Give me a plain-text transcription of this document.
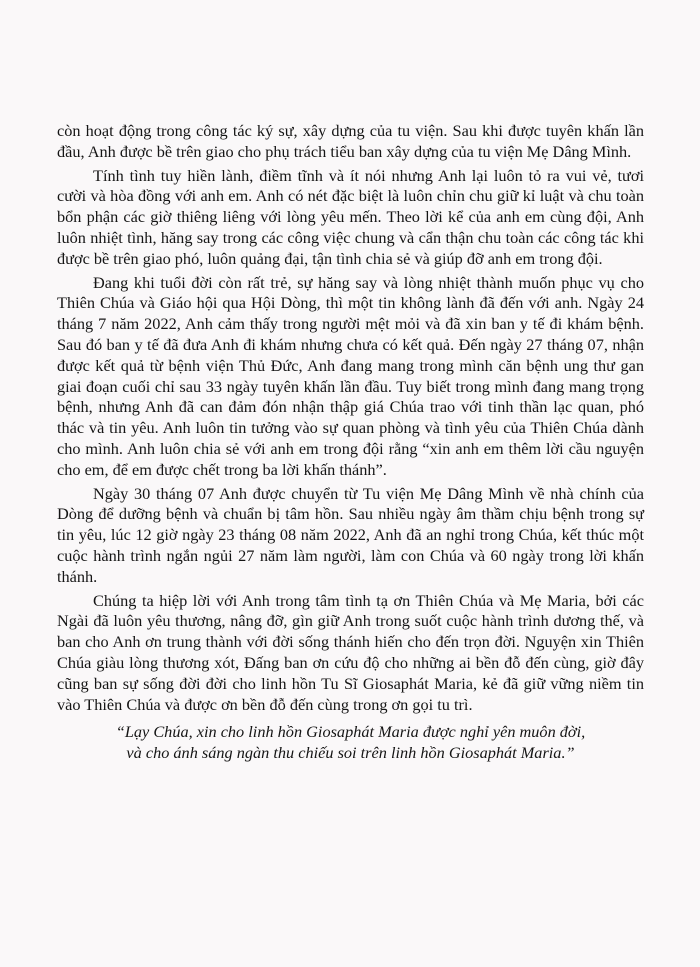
còn hoạt động trong công tác ký sự, xây dựng của tu viện. Sau khi được tuyên khấn lần đầu, Anh được bề trên giao cho phụ trách tiểu ban xây dựng của tu viện Mẹ Dâng Mình.

Tính tình tuy hiền lành, điềm tĩnh và ít nói nhưng Anh lại luôn tỏ ra vui vẻ, tươi cười và hòa đồng với anh em. Anh có nét đặc biệt là luôn chỉn chu giữ kỉ luật và chu toàn bổn phận các giờ thiêng liêng với lòng yêu mến. Theo lời kể của anh em cùng đội, Anh luôn nhiệt tình, hăng say trong các công việc chung và cẩn thận chu toàn các công tác khi được bề trên giao phó, luôn quảng đại, tận tình chia sẻ và giúp đỡ anh em trong đội.

Đang khi tuổi đời còn rất trẻ, sự hăng say và lòng nhiệt thành muốn phục vụ cho Thiên Chúa và Giáo hội qua Hội Dòng, thì một tin không lành đã đến với anh. Ngày 24 tháng 7 năm 2022, Anh cảm thấy trong người mệt mỏi và đã xin ban y tế đi khám bệnh. Sau đó ban y tế đã đưa Anh đi khám nhưng chưa có kết quả. Đến ngày 27 tháng 07, nhận được kết quả từ bệnh viện Thủ Đức, Anh đang mang trong mình căn bệnh ung thư gan giai đoạn cuối chỉ sau 33 ngày tuyên khấn lần đầu. Tuy biết trong mình đang mang trọng bệnh, nhưng Anh đã can đảm đón nhận thập giá Chúa trao với tinh thần lạc quan, phó thác và tin yêu. Anh luôn tin tưởng vào sự quan phòng và tình yêu của Thiên Chúa dành cho mình. Anh luôn chia sẻ với anh em trong đội rằng “xin anh em thêm lời cầu nguyện cho em, để em được chết trong ba lời khấn thánh”.

Ngày 30 tháng 07 Anh được chuyển từ Tu viện Mẹ Dâng Mình về nhà chính của Dòng để dưỡng bệnh và chuẩn bị tâm hồn. Sau nhiều ngày âm thầm chịu bệnh trong sự tin yêu, lúc 12 giờ ngày 23 tháng 08 năm 2022, Anh đã an nghỉ trong Chúa, kết thúc một cuộc hành trình ngắn ngủi 27 năm làm người, làm con Chúa và 60 ngày trong lời khấn thánh.

Chúng ta hiệp lời với Anh trong tâm tình tạ ơn Thiên Chúa và Mẹ Maria, bởi các Ngài đã luôn yêu thương, nâng đỡ, gìn giữ Anh trong suốt cuộc hành trình dương thế, và ban cho Anh ơn trung thành với đời sống thánh hiến cho đến trọn đời. Nguyện xin Thiên Chúa giàu lòng thương xót, Đấng ban ơn cứu độ cho những ai bền đỗ đến cùng, giờ đây cũng ban sự sống đời đời cho linh hồn Tu Sĩ Giosaphát Maria, kẻ đã giữ vững niềm tin vào Thiên Chúa và được ơn bền đỗ đến cùng trong ơn gọi tu trì.

“Lạy Chúa, xin cho linh hồn Giosaphát Maria được nghỉ yên muôn đời,
và cho ánh sáng ngàn thu chiếu soi trên linh hồn Giosaphát Maria.”
